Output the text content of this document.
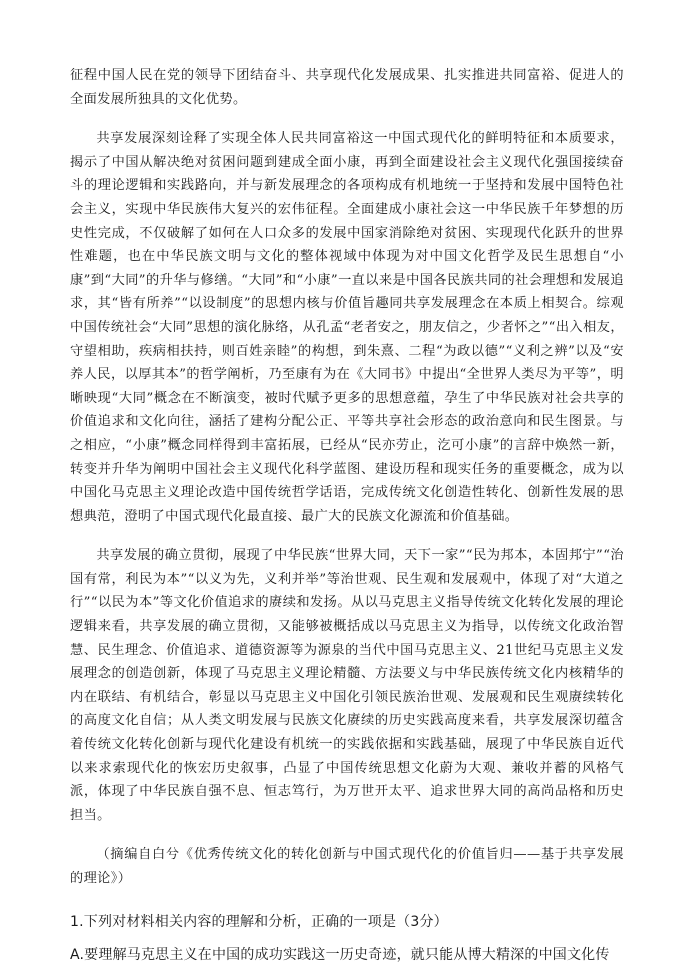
征程中国人民在党的领导下团结奋斗、共享现代化发展成果、扎实推进共同富裕、促进人的全面发展所独具的文化优势。

共享发展深刻诠释了实现全体人民共同富裕这一中国式现代化的鲜明特征和本质要求，揭示了中国从解决绝对贫困问题到建成全面小康，再到全面建设社会主义现代化强国接续奋斗的理论逻辑和实践路向，并与新发展理念的各项构成有机地统一于坚持和发展中国特色社会主义，实现中华民族伟大复兴的宏伟征程。全面建成小康社会这一中华民族千年梦想的历史性完成，不仅破解了如何在人口众多的发展中国家消除绝对贫困、实现现代化跃升的世界性难题，也在中华民族文明与文化的整体视域中体现为对中国文化哲学及民生思想自“小康”到“大同”的升华与修缮。“大同”和“小康”一直以来是中国各民族共同的社会理想和发展追求，其“皆有所养”“以设制度”的思想内核与价值旨趣同共享发展理念在本质上相契合。综观中国传统社会“大同”思想的演化脉络，从孔孟“老者安之，朋友信之，少者怀之”“出入相友，守望相助，疾病相扶持，则百姓亲睦”的构想，到朱熹、二程“为政以德”“义利之辨”以及“安养人民，以厚其本”的哲学阐析，乃至康有为在《大同书》中提出“全世界人类尽为平等”，明晰映现“大同”概念在不断演变，被时代赋予更多的思想意蕴，孕生了中华民族对社会共享的价值追求和文化向往，涵括了建构分配公正、平等共享社会形态的政治意向和民生图景。与之相应，“小康”概念同样得到丰富拓展，已经从“民亦劳止，汔可小康”的言辞中焕然一新，转变并升华为阐明中国社会主义现代化科学蓝图、建设历程和现实任务的重要概念，成为以中国化马克思主义理论改造中国传统哲学话语，完成传统文化创造性转化、创新性发展的思想典范，澄明了中国式现代化最直接、最广大的民族文化源流和价值基础。

共享发展的确立贯彻，展现了中华民族“世界大同，天下一家”“民为邦本，本固邦宁”“治国有常，利民为本”“以义为先，义利并举”等治世观、民生观和发展观中，体现了对“大道之行”“以民为本”等文化价值追求的赓续和发扬。从以马克思主义指导传统文化转化发展的理论逻辑来看，共享发展的确立贯彻，又能够被概括成以马克思主义为指导，以传统文化政治智慧、民生理念、价值追求、道德资源等为源泉的当代中国马克思主义、21世纪马克思主义发展理念的创造创新，体现了马克思主义理论精髓、方法要义与中华民族传统文化内核精华的内在联结、有机结合，彰显以马克思主义中国化引领民族治世观、发展观和民生观赓续转化的高度文化自信；从人类文明发展与民族文化赓续的历史实践高度来看，共享发展深切蕴含着传统文化转化创新与现代化建设有机统一的实践依据和实践基础，展现了中华民族自近代以来求索现代化的恢宏历史叙事，凸显了中国传统思想文化蔚为大观、兼收并蓄的风格气派，体现了中华民族自强不息、恒志笃行，为万世开太平、追求世界大同的高尚品格和历史担当。

（摘编自白兮《优秀传统文化的转化创新与中国式现代化的价值旨归——基于共享发展的理论》）

1.下列对材料相关内容的理解和分析，正确的一项是（3分）

A.要理解马克思主义在中国的成功实践这一历史奇迹，就只能从博大精深的中国文化传
